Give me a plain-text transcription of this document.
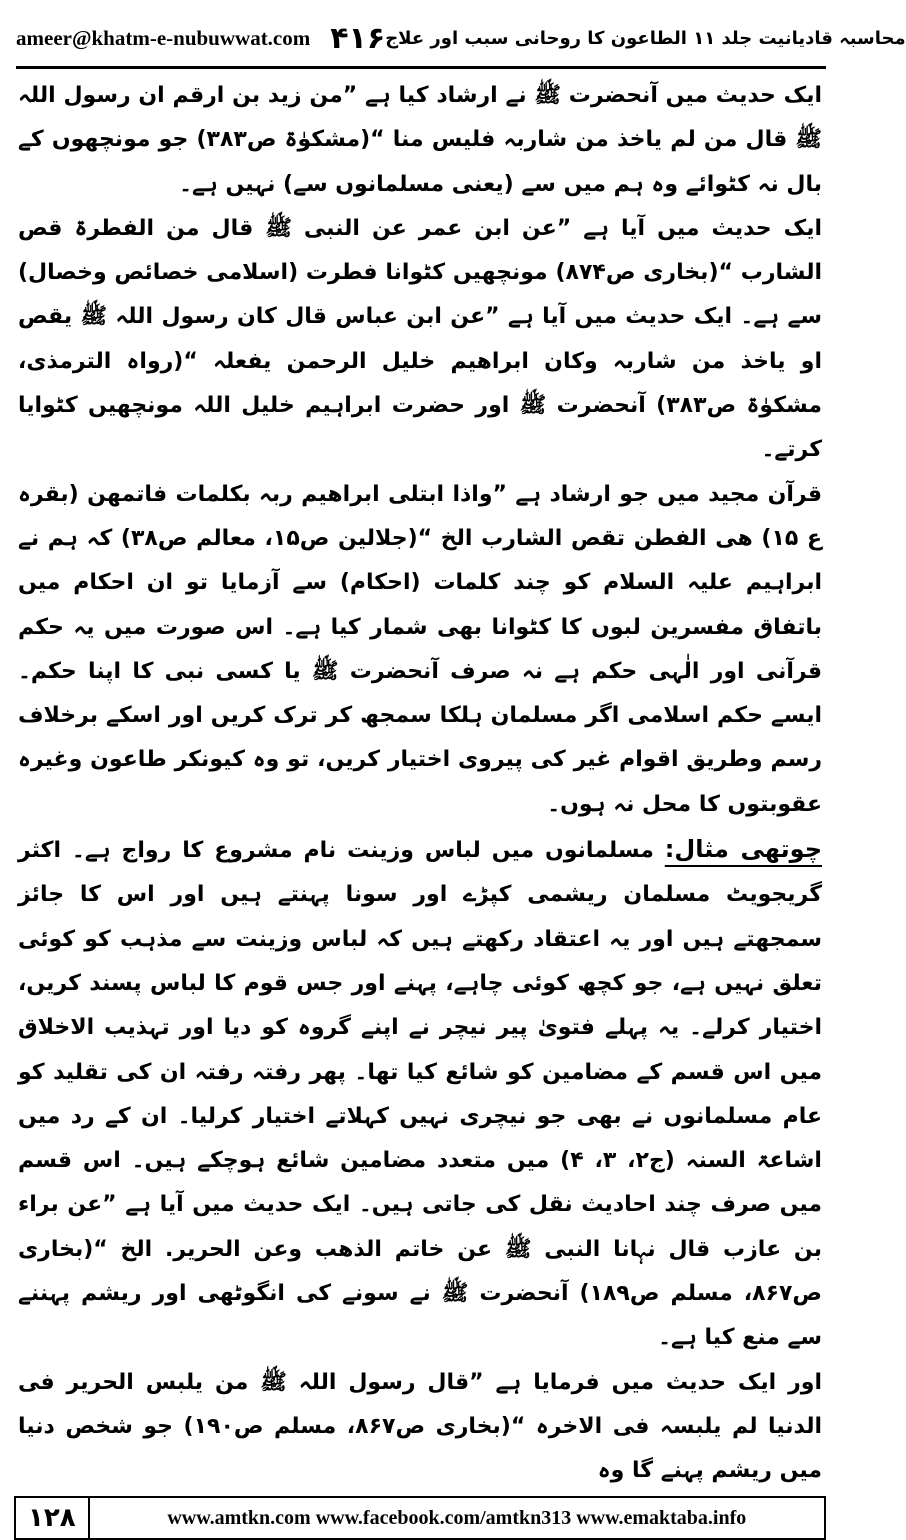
ameer@khatm-e-nubuwwat.com ۴۱۶ محاسبہ قادیانیت جلد ۱۱ الطاعون کا روحانی سبب اور علاج

ایک حدیث میں آنحضرت ﷺ نے ارشاد کیا ہے ”من زید بن ارقم ان رسول اللہ ﷺ قال من لم یاخذ من شاربہ فلیس منا “(مشکوٰۃ ص۳۸۳) جو مونچھوں کے بال نہ کٹوائے وہ ہم میں سے (یعنی مسلمانوں سے) نہیں ہے۔

ایک حدیث میں آیا ہے ”عن ابن عمر عن النبی ﷺ قال من الفطرۃ قص الشارب “(بخاری ص۸۷۴) مونچھیں کٹوانا فطرت (اسلامی خصائص وخصال) سے ہے۔ ایک حدیث میں آیا ہے ”عن ابن عباس قال کان رسول اللہ ﷺ یقص او یاخذ من شاربہ وکان ابراھیم خلیل الرحمن یفعلہ “(رواہ الترمذی، مشکوٰۃ ص۳۸۳) آنحضرت ﷺ اور حضرت ابراہیم خلیل اللہ مونچھیں کٹوایا کرتے۔

قرآن مجید میں جو ارشاد ہے ”واذا ابتلی ابراھیم ربہ بکلمات فاتمھن (بقرہ ع ۱۵) ھی الفطن تقص الشارب الخ “(جلالین ص۱۵، معالم ص۳۸) کہ ہم نے ابراہیم علیہ السلام کو چند کلمات (احکام) سے آزمایا تو ان احکام میں باتفاق مفسرین لبوں کا کٹوانا بھی شمار کیا ہے۔ اس صورت میں یہ حکم قرآنی اور الٰہی حکم ہے نہ صرف آنحضرت ﷺ یا کسی نبی کا اپنا حکم۔ ایسے حکم اسلامی اگر مسلمان ہلکا سمجھ کر ترک کریں اور اسکے برخلاف رسم وطریق اقوام غیر کی پیروی اختیار کریں، تو وہ کیونکر طاعون وغیرہ عقوبتوں کا محل نہ ہوں۔

چوتھی مثال: مسلمانوں میں لباس وزینت نام مشروع کا رواج ہے۔ اکثر گریجویٹ مسلمان ریشمی کپڑے اور سونا پہنتے ہیں اور اس کا جائز سمجھتے ہیں اور یہ اعتقاد رکھتے ہیں کہ لباس وزینت سے مذہب کو کوئی تعلق نہیں ہے، جو کچھ کوئی چاہے، پہنے اور جس قوم کا لباس پسند کریں، اختیار کرلے۔ یہ پہلے فتویٰ پیر نیچر نے اپنے گروہ کو دیا اور تہذیب الاخلاق میں اس قسم کے مضامین کو شائع کیا تھا۔ پھر رفتہ رفتہ ان کی تقلید کو عام مسلمانوں نے بھی جو نیچری نہیں کہلاتے اختیار کرلیا۔ ان کے رد میں اشاعۃ السنہ (ج۲، ۳، ۴) میں متعدد مضامین شائع ہوچکے ہیں۔ اس قسم میں صرف چند احادیث نقل کی جاتی ہیں۔ ایک حدیث میں آیا ہے ”عن براء بن عازب قال نہانا النبی ﷺ عن خاتم الذھب وعن الحریر. الخ “(بخاری ص۸۶۷، مسلم ص۱۸۹) آنحضرت ﷺ نے سونے کی انگوٹھی اور ریشم پہننے سے منع کیا ہے۔

اور ایک حدیث میں فرمایا ہے ”قال رسول اللہ ﷺ من یلبس الحریر فی الدنیا لم یلبسہ فی الاخرہ “(بخاری ص۸۶۷، مسلم ص۱۹۰) جو شخص دنیا میں ریشم پہنے گا وہ

۱۲۸	www.amtkn.com www.facebook.com/amtkn313 www.emaktaba.info
